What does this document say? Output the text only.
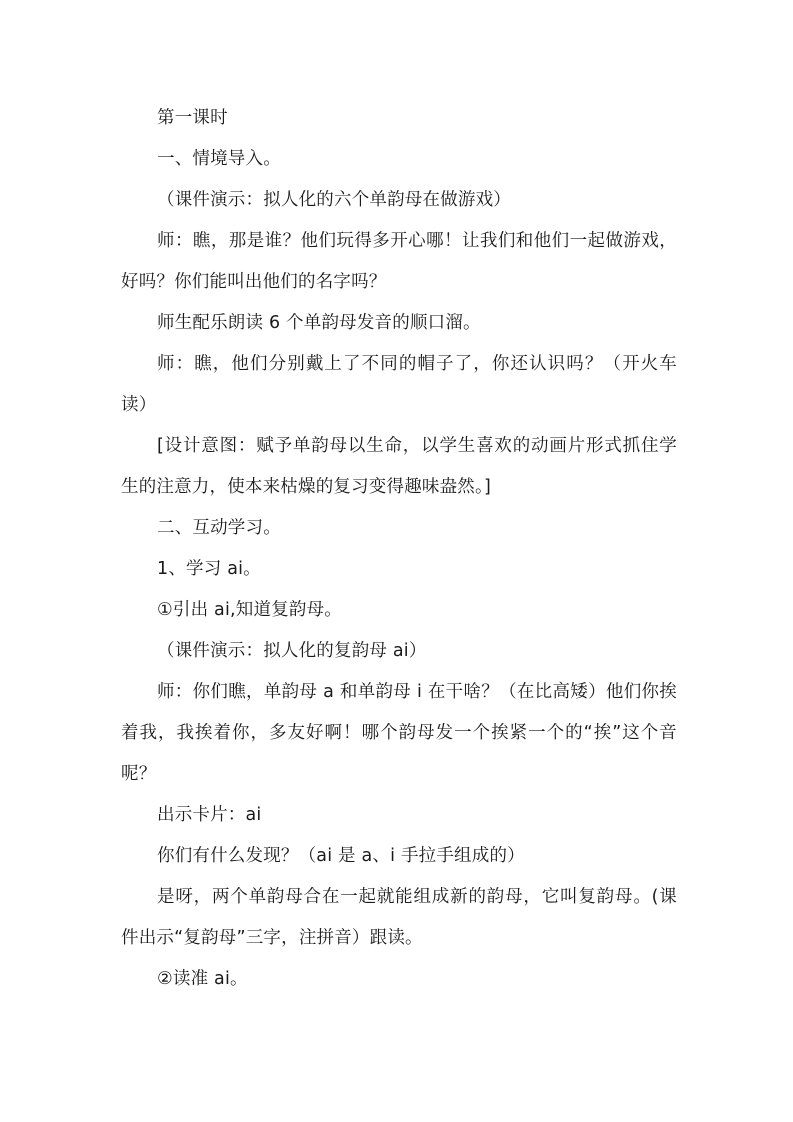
第一课时

一、情境导入。

（课件演示：拟人化的六个单韵母在做游戏）

师：瞧，那是谁？他们玩得多开心哪！让我们和他们一起做游戏，好吗？你们能叫出他们的名字吗？

师生配乐朗读 6 个单韵母发音的顺口溜。

师：瞧，他们分别戴上了不同的帽子了，你还认识吗？（开火车读）

[设计意图：赋予单韵母以生命，以学生喜欢的动画片形式抓住学生的注意力，使本来枯燥的复习变得趣味盎然。]

二、互动学习。

1、学习 ai。

①引出 ai,知道复韵母。

（课件演示：拟人化的复韵母 ai）

师：你们瞧，单韵母 a 和单韵母 i 在干啥？（在比高矮）他们你挨着我，我挨着你，多友好啊！哪个韵母发一个挨紧一个的“挨”这个音呢？

出示卡片：ai

你们有什么发现？（ai 是 a、i 手拉手组成的）

是呀，两个单韵母合在一起就能组成新的韵母，它叫复韵母。(课件出示“复韵母”三字，注拼音）跟读。

②读准 ai。
